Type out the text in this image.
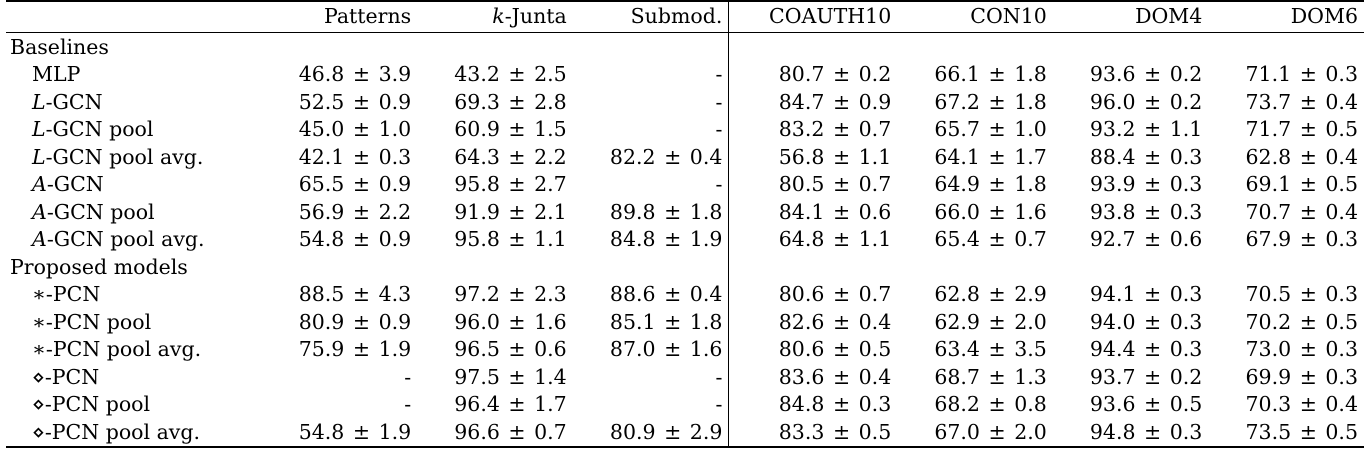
	Patterns	k-Junta	Submod.	COAUTH10	CON10	DOM4	DOM6
Baselines							
MLP	46.8 ± 3.9	43.2 ± 2.5	-	80.7 ± 0.2	66.1 ± 1.8	93.6 ± 0.2	71.1 ± 0.3
L-GCN	52.5 ± 0.9	69.3 ± 2.8	-	84.7 ± 0.9	67.2 ± 1.8	96.0 ± 0.2	73.7 ± 0.4
L-GCN pool	45.0 ± 1.0	60.9 ± 1.5	-	83.2 ± 0.7	65.7 ± 1.0	93.2 ± 1.1	71.7 ± 0.5
L-GCN pool avg.	42.1 ± 0.3	64.3 ± 2.2	82.2 ± 0.4	56.8 ± 1.1	64.1 ± 1.7	88.4 ± 0.3	62.8 ± 0.4
A-GCN	65.5 ± 0.9	95.8 ± 2.7	-	80.5 ± 0.7	64.9 ± 1.8	93.9 ± 0.3	69.1 ± 0.5
A-GCN pool	56.9 ± 2.2	91.9 ± 2.1	89.8 ± 1.8	84.1 ± 0.6	66.0 ± 1.6	93.8 ± 0.3	70.7 ± 0.4
A-GCN pool avg.	54.8 ± 0.9	95.8 ± 1.1	84.8 ± 1.9	64.8 ± 1.1	65.4 ± 0.7	92.7 ± 0.6	67.9 ± 0.3
Proposed models							
∗-PCN	88.5 ± 4.3	97.2 ± 2.3	88.6 ± 0.4	80.6 ± 0.7	62.8 ± 2.9	94.1 ± 0.3	70.5 ± 0.3
∗-PCN pool	80.9 ± 0.9	96.0 ± 1.6	85.1 ± 1.8	82.6 ± 0.4	62.9 ± 2.0	94.0 ± 0.3	70.2 ± 0.5
∗-PCN pool avg.	75.9 ± 1.9	96.5 ± 0.6	87.0 ± 1.6	80.6 ± 0.5	63.4 ± 3.5	94.4 ± 0.3	73.0 ± 0.3
⋄-PCN	-	97.5 ± 1.4	-	83.6 ± 0.4	68.7 ± 1.3	93.7 ± 0.2	69.9 ± 0.3
⋄-PCN pool	-	96.4 ± 1.7	-	84.8 ± 0.3	68.2 ± 0.8	93.6 ± 0.5	70.3 ± 0.4
⋄-PCN pool avg.	54.8 ± 1.9	96.6 ± 0.7	80.9 ± 2.9	83.3 ± 0.5	67.0 ± 2.0	94.8 ± 0.3	73.5 ± 0.5
